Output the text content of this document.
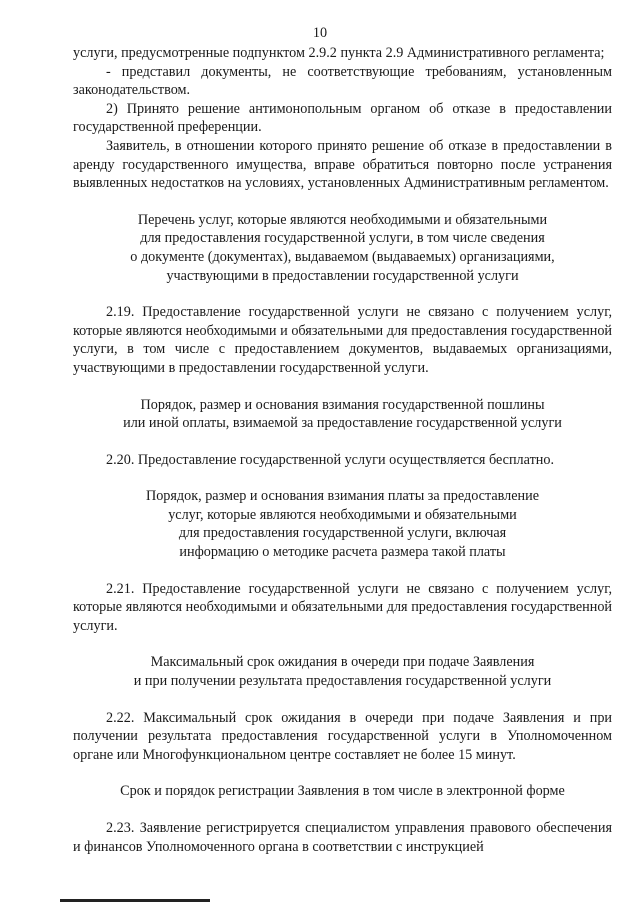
10

услуги, предусмотренные подпунктом 2.9.2 пункта 2.9 Административного регламента;

- представил документы, не соответствующие требованиям, установленным законодательством.

2) Принято решение антимонопольным органом об отказе в предоставлении государственной преференции.

Заявитель, в отношении которого принято решение об отказе в предоставлении в аренду государственного имущества, вправе обратиться повторно после устранения выявленных недостатков на условиях, установленных Административным регламентом.

Перечень услуг, которые являются необходимыми и обязательными
для предоставления государственной услуги, в том числе сведения
о документе (документах), выдаваемом (выдаваемых) организациями,
участвующими в предоставлении государственной услуги

2.19. Предоставление государственной услуги не связано с получением услуг, которые являются необходимыми и обязательными для предоставления государственной услуги, в том числе с предоставлением документов, выдаваемых организациями, участвующими в предоставлении государственной услуги.

Порядок, размер и основания взимания государственной пошлины
или иной оплаты, взимаемой за предоставление государственной услуги

2.20. Предоставление государственной услуги осуществляется бесплатно.

Порядок, размер и основания взимания платы за предоставление
услуг, которые являются необходимыми и обязательными
для предоставления государственной услуги, включая
информацию о методике расчета размера такой платы

2.21. Предоставление государственной услуги не связано с получением услуг, которые являются необходимыми и обязательными для предоставления государственной услуги.

Максимальный срок ожидания в очереди при подаче Заявления
и при получении результата предоставления государственной услуги

2.22. Максимальный срок ожидания в очереди при подаче Заявления и при получении результата предоставления государственной услуги в Уполномоченном органе или Многофункциональном центре составляет не более 15 минут.

Срок и порядок регистрации Заявления в том числе в электронной форме

2.23. Заявление регистрируется специалистом управления правового обеспечения и финансов Уполномоченного органа в соответствии с инструкцией
